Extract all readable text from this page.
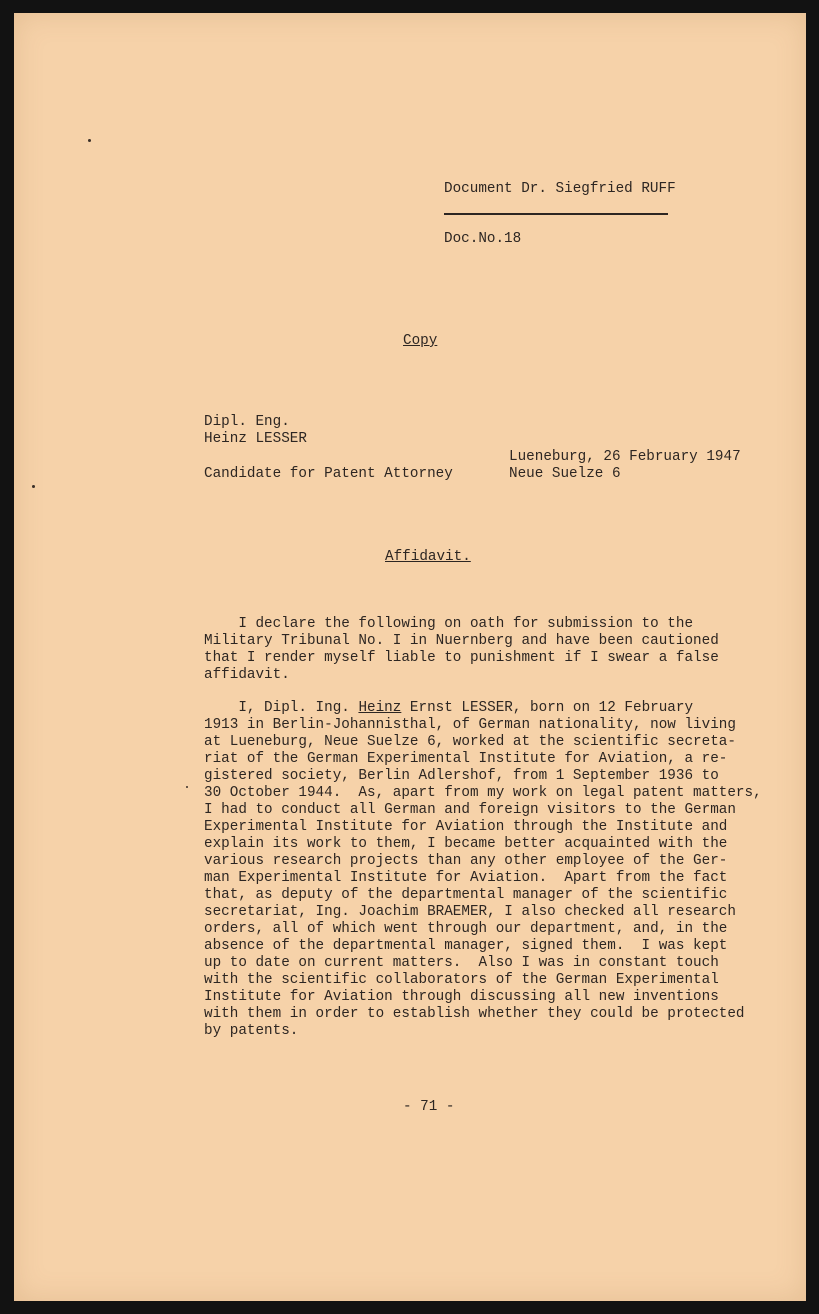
Document Dr. Siegfried RUFF
Doc.No.18
Copy
Dipl. Eng.
Heinz LESSER
Lueneburg, 26 February 1947
Candidate for Patent Attorney	Neue Suelze 6
Affidavit.
I declare the following on oath for submission to the
Military Tribunal No. I in Nuernberg and have been cautioned
that I render myself liable to punishment if I swear a false
affidavit.
I, Dipl. Ing. Heinz Ernst LESSER, born on 12 February
1913 in Berlin-Johannisthal, of German nationality, now living
at Lueneburg, Neue Suelze 6, worked at the scientific secreta-
riat of the German Experimental Institute for Aviation, a re-
gistered society, Berlin Adlershof, from 1 September 1936 to
30 October 1944.  As, apart from my work on legal patent matters,
I had to conduct all German and foreign visitors to the German
Experimental Institute for Aviation through the Institute and
explain its work to them, I became better acquainted with the
various research projects than any other employee of the Ger-
man Experimental Institute for Aviation.  Apart from the fact
that, as deputy of the departmental manager of the scientific
secretariat, Ing. Joachim BRAEMER, I also checked all research
orders, all of which went through our department, and, in the
absence of the departmental manager, signed them.  I was kept
up to date on current matters.  Also I was in constant touch
with the scientific collaborators of the German Experimental
Institute for Aviation through discussing all new inventions
with them in order to establish whether they could be protected
by patents.
- 71 -
